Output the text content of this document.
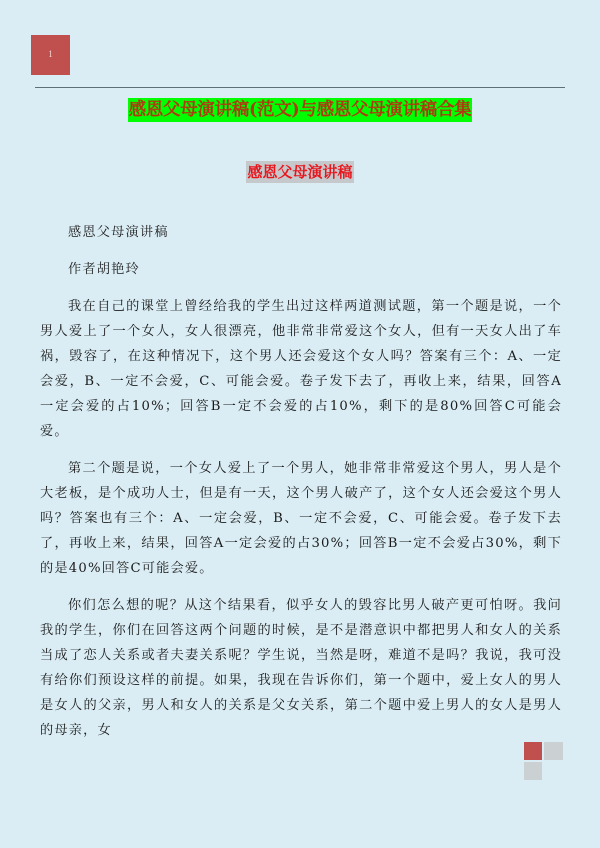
1
感恩父母演讲稿(范文)与感恩父母演讲稿合集
感恩父母演讲稿

感恩父母演讲稿

作者胡艳玲

我在自己的课堂上曾经给我的学生出过这样两道测试题，第一个题是说，一个男人爱上了一个女人，女人很漂亮，他非常非常爱这个女人，但有一天女人出了车祸，毁容了，在这种情况下，这个男人还会爱这个女人吗？答案有三个：A、一定会爱，B、一定不会爱，C、可能会爱。卷子发下去了，再收上来，结果，回答A一定会爱的占10%；回答B一定不会爱的占10%，剩下的是80%回答C可能会爱。

第二个题是说，一个女人爱上了一个男人，她非常非常爱这个男人，男人是个大老板，是个成功人士，但是有一天，这个男人破产了，这个女人还会爱这个男人吗？答案也有三个：A、一定会爱，B、一定不会爱，C、可能会爱。卷子发下去了，再收上来，结果，回答A一定会爱的占30%；回答B一定不会爱占30%，剩下的是40%回答C可能会爱。

你们怎么想的呢？从这个结果看，似乎女人的毁容比男人破产更可怕呀。我问我的学生，你们在回答这两个问题的时候，是不是潜意识中都把男人和女人的关系当成了恋人关系或者夫妻关系呢？学生说，当然是呀，难道不是吗？我说，我可没有给你们预设这样的前提。如果，我现在告诉你们，第一个题中，爱上女人的男人是女人的父亲，男人和女人的关系是父女关系，第二个题中爱上男人的女人是男人的母亲，女
